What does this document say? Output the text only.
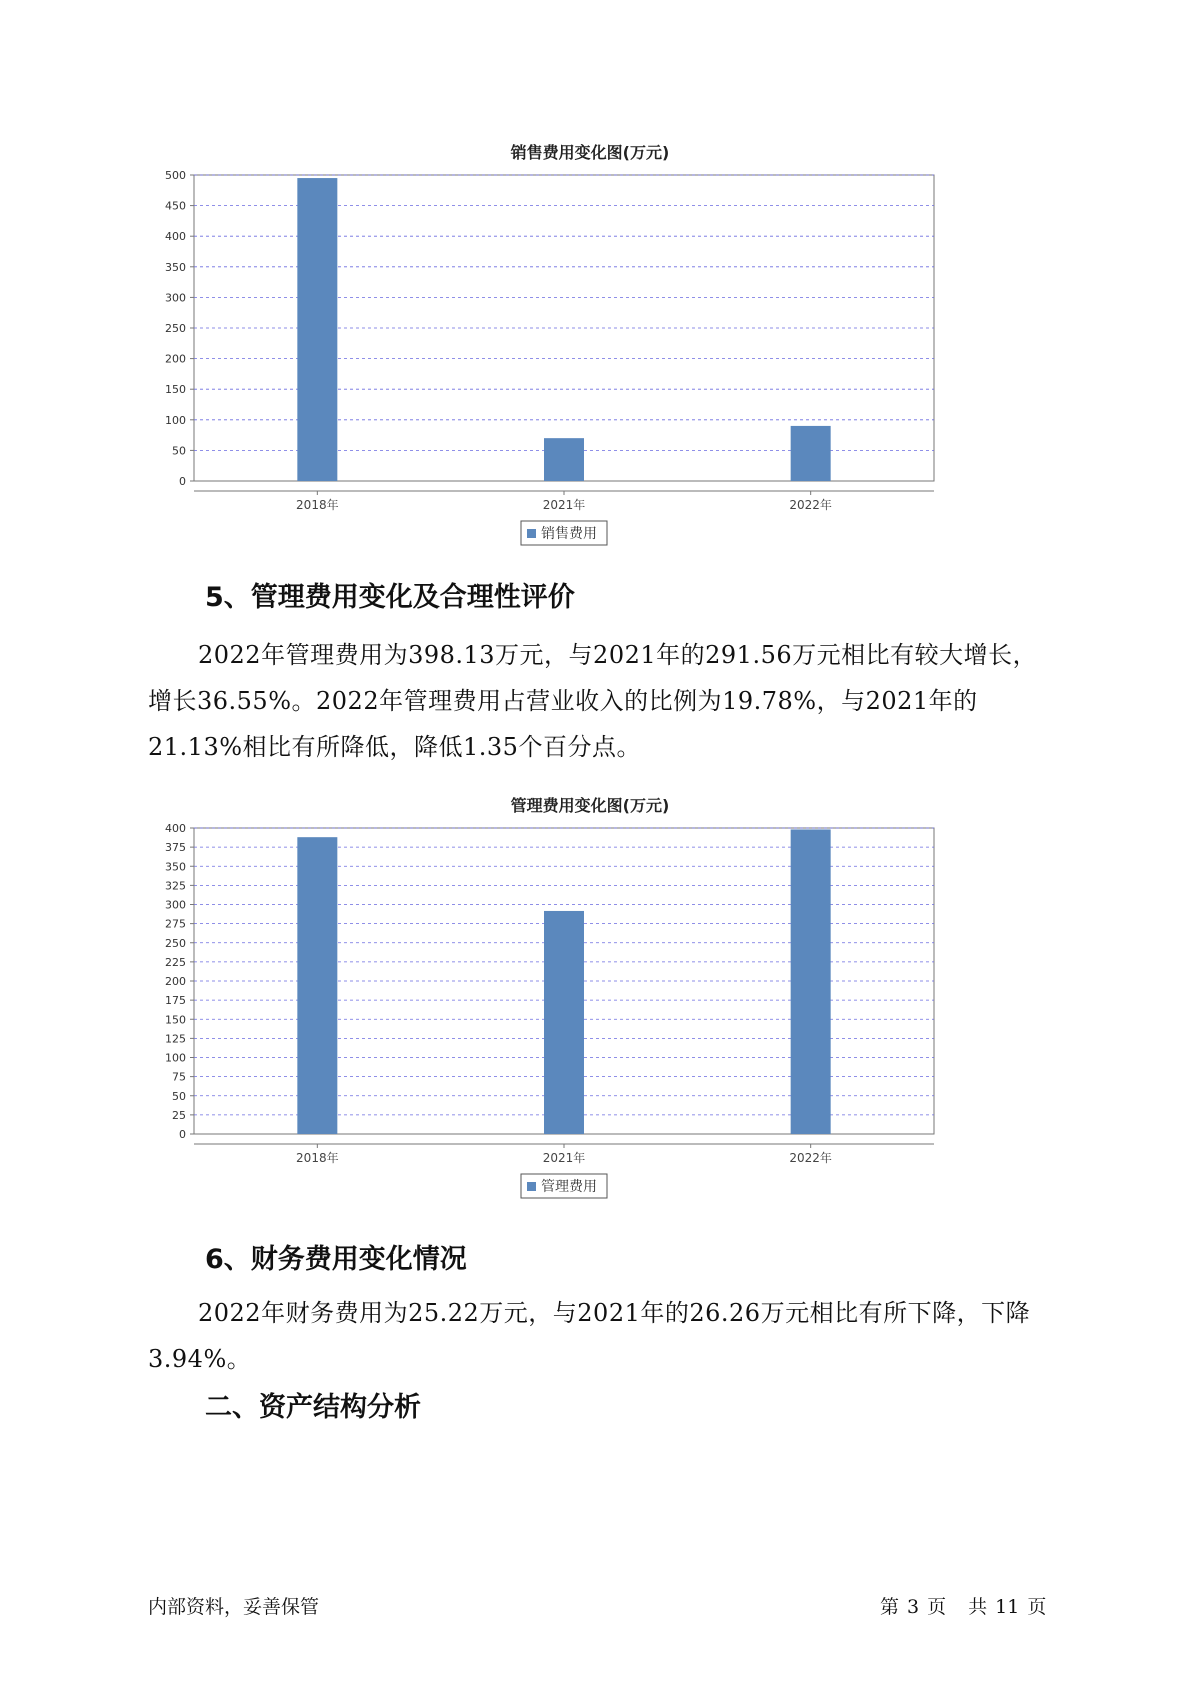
销售费用变化图(万元)
0
50
100
150
200
250
300
350
400
450
500
2018年	2021年	2022年
销售费用
5、管理费用变化及合理性评价

2022年管理费用为398.13万元，与2021年的291.56万元相比有较大增长，增长36.55%。2022年管理费用占营业收入的比例为19.78%，与2021年的21.13%相比有所降低，降低1.35个百分点。

管理费用变化图(万元)
0
25
50
75
100
125
150
175
200
225
250
275
300
325
350
375
400
2018年	2021年	2022年
管理费用
6、财务费用变化情况

2022年财务费用为25.22万元，与2021年的26.26万元相比有所下降，下降3.94%。

二、资产结构分析
内部资料，妥善保管	第 3 页 共 11 页
